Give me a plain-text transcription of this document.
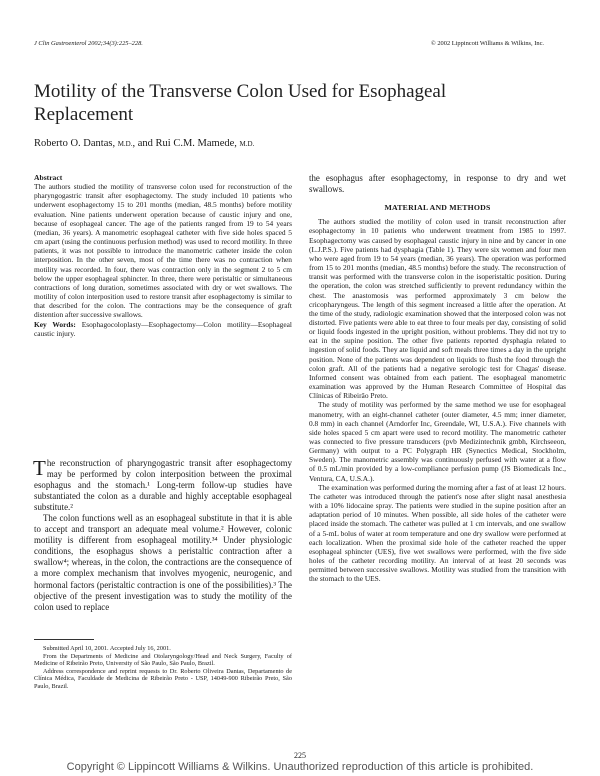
J Clin Gastroenterol 2002;34(3):225–228.	© 2002 Lippincott Williams & Wilkins, Inc.
Motility of the Transverse Colon Used for Esophageal Replacement
Roberto O. Dantas, M.D., and Rui C.M. Mamede, M.D.
Abstract

The authors studied the motility of transverse colon used for reconstruction of the pharyngogastric transit after esophagectomy. The study included 10 patients who underwent esophagectomy 15 to 201 months (median, 48.5 months) before motility evaluation. Nine patients underwent operation because of caustic injury and one, because of esophageal cancer. The age of the patients ranged from 19 to 54 years (median, 36 years). A manometric esophageal catheter with five side holes spaced 5 cm apart (using the continuous perfusion method) was used to record motility. In three patients, it was not possible to introduce the manometric catheter inside the colon interposition. In the other seven, most of the time there was no contraction when motility was recorded. In four, there was contraction only in the segment 2 to 5 cm below the upper esophageal sphincter. In three, there were peristaltic or simultaneous contractions of long duration, sometimes associated with dry or wet swallows. The motility of colon interposition used to restore transit after esophagectomy is similar to that described for the colon. The contractions may be the consequence of graft distention after successive swallows.

Key Words: Esophagocoloplasty—Esophagectomy—Colon motility—Esophageal caustic injury.

The reconstruction of pharyngogastric transit after esophagectomy may be performed by colon interposition between the proximal esophagus and the stomach.¹ Long-term follow-up studies have substantiated the colon as a durable and highly acceptable esophageal substitute.²

The colon functions well as an esophageal substitute in that it is able to accept and transport an adequate meal volume.² However, colonic motility is different from esophageal motility.³⁴ Under physiologic conditions, the esophagus shows a peristaltic contraction after a swallow⁴; whereas, in the colon, the contractions are the consequence of a more complex mechanism that involves myogenic, neurogenic, and hormonal factors (peristaltic contraction is one of the possibilities).³ The objective of the present investigation was to study the motility of the colon used to replace

Submitted April 10, 2001. Accepted July 16, 2001.

From the Departments of Medicine and Otolaryngology/Head and Neck Surgery, Faculty of Medicine of Ribeirão Preto, University of São Paulo, São Paulo, Brazil.

Address correspondence and reprint requests to Dr. Roberto Oliveira Dantas, Departamento de Clínica Médica, Faculdade de Medicina de Ribeirão Preto - USP, 14049-900 Ribeirão Preto, São Paulo, Brazil.

the esophagus after esophagectomy, in response to dry and wet swallows.

MATERIAL AND METHODS

The authors studied the motility of colon used in transit reconstruction after esophagectomy in 10 patients who underwent treatment from 1985 to 1997. Esophagectomy was caused by esophageal caustic injury in nine and by cancer in one (L.J.P.S.). Five patients had dysphagia (Table 1). They were six women and four men who were aged from 19 to 54 years (median, 36 years). The operation was performed from 15 to 201 months (median, 48.5 months) before the study. The reconstruction of transit was performed with the transverse colon in the isoperistaltic position. During the operation, the colon was stretched sufficiently to prevent redundancy within the chest. The anastomosis was performed approximately 3 cm below the cricopharyngeus. The length of this segment increased a little after the operation. At the time of the study, radiologic examination showed that the interposed colon was not distorted. Five patients were able to eat three to four meals per day, consisting of solid or liquid foods ingested in the upright position, without problems. They did not try to eat in the supine position. The other five patients reported dysphagia related to ingestion of solid foods. They ate liquid and soft meals three times a day in the upright position. None of the patients was dependent on liquids to flush the food through the colon graft. All of the patients had a negative serologic test for Chagas' disease. Informed consent was obtained from each patient. The esophageal manometric examination was approved by the Human Research Committee of Hospital das Clínicas of Ribeirão Preto.

The study of motility was performed by the same method we use for esophageal manometry, with an eight-channel catheter (outer diameter, 4.5 mm; inner diameter, 0.8 mm) in each channel (Arndorfer Inc, Greendale, WI, U.S.A.). Five channels with side holes spaced 5 cm apart were used to record motility. The manometric catheter was connected to five pressure transducers (pvb Medizintechnik gmbh, Kirchseeon, Germany) with output to a PC Polygraph HR (Synectics Medical, Stockholm, Sweden). The manometric assembly was continuously perfused with water at a flow of 0.5 mL/min provided by a low-compliance perfusion pump (JS Biomedicals Inc., Ventura, CA, U.S.A.).

The examination was performed during the morning after a fast of at least 12 hours. The catheter was introduced through the patient's nose after slight nasal anesthesia with a 10% lidocaine spray. The patients were studied in the supine position after an adaptation period of 10 minutes. When possible, all side holes of the catheter were placed inside the stomach. The catheter was pulled at 1 cm intervals, and one swallow of a 5-mL bolus of water at room temperature and one dry swallow were performed at each localization. When the proximal side hole of the catheter reached the upper esophageal sphincter (UES), five wet swallows were performed, with the five side holes of the catheter recording motility. An interval of at least 20 seconds was permitted between successive swallows. Motility was studied from the transition with the stomach to the UES.

225
Copyright © Lippincott Williams & Wilkins. Unauthorized reproduction of this article is prohibited.
